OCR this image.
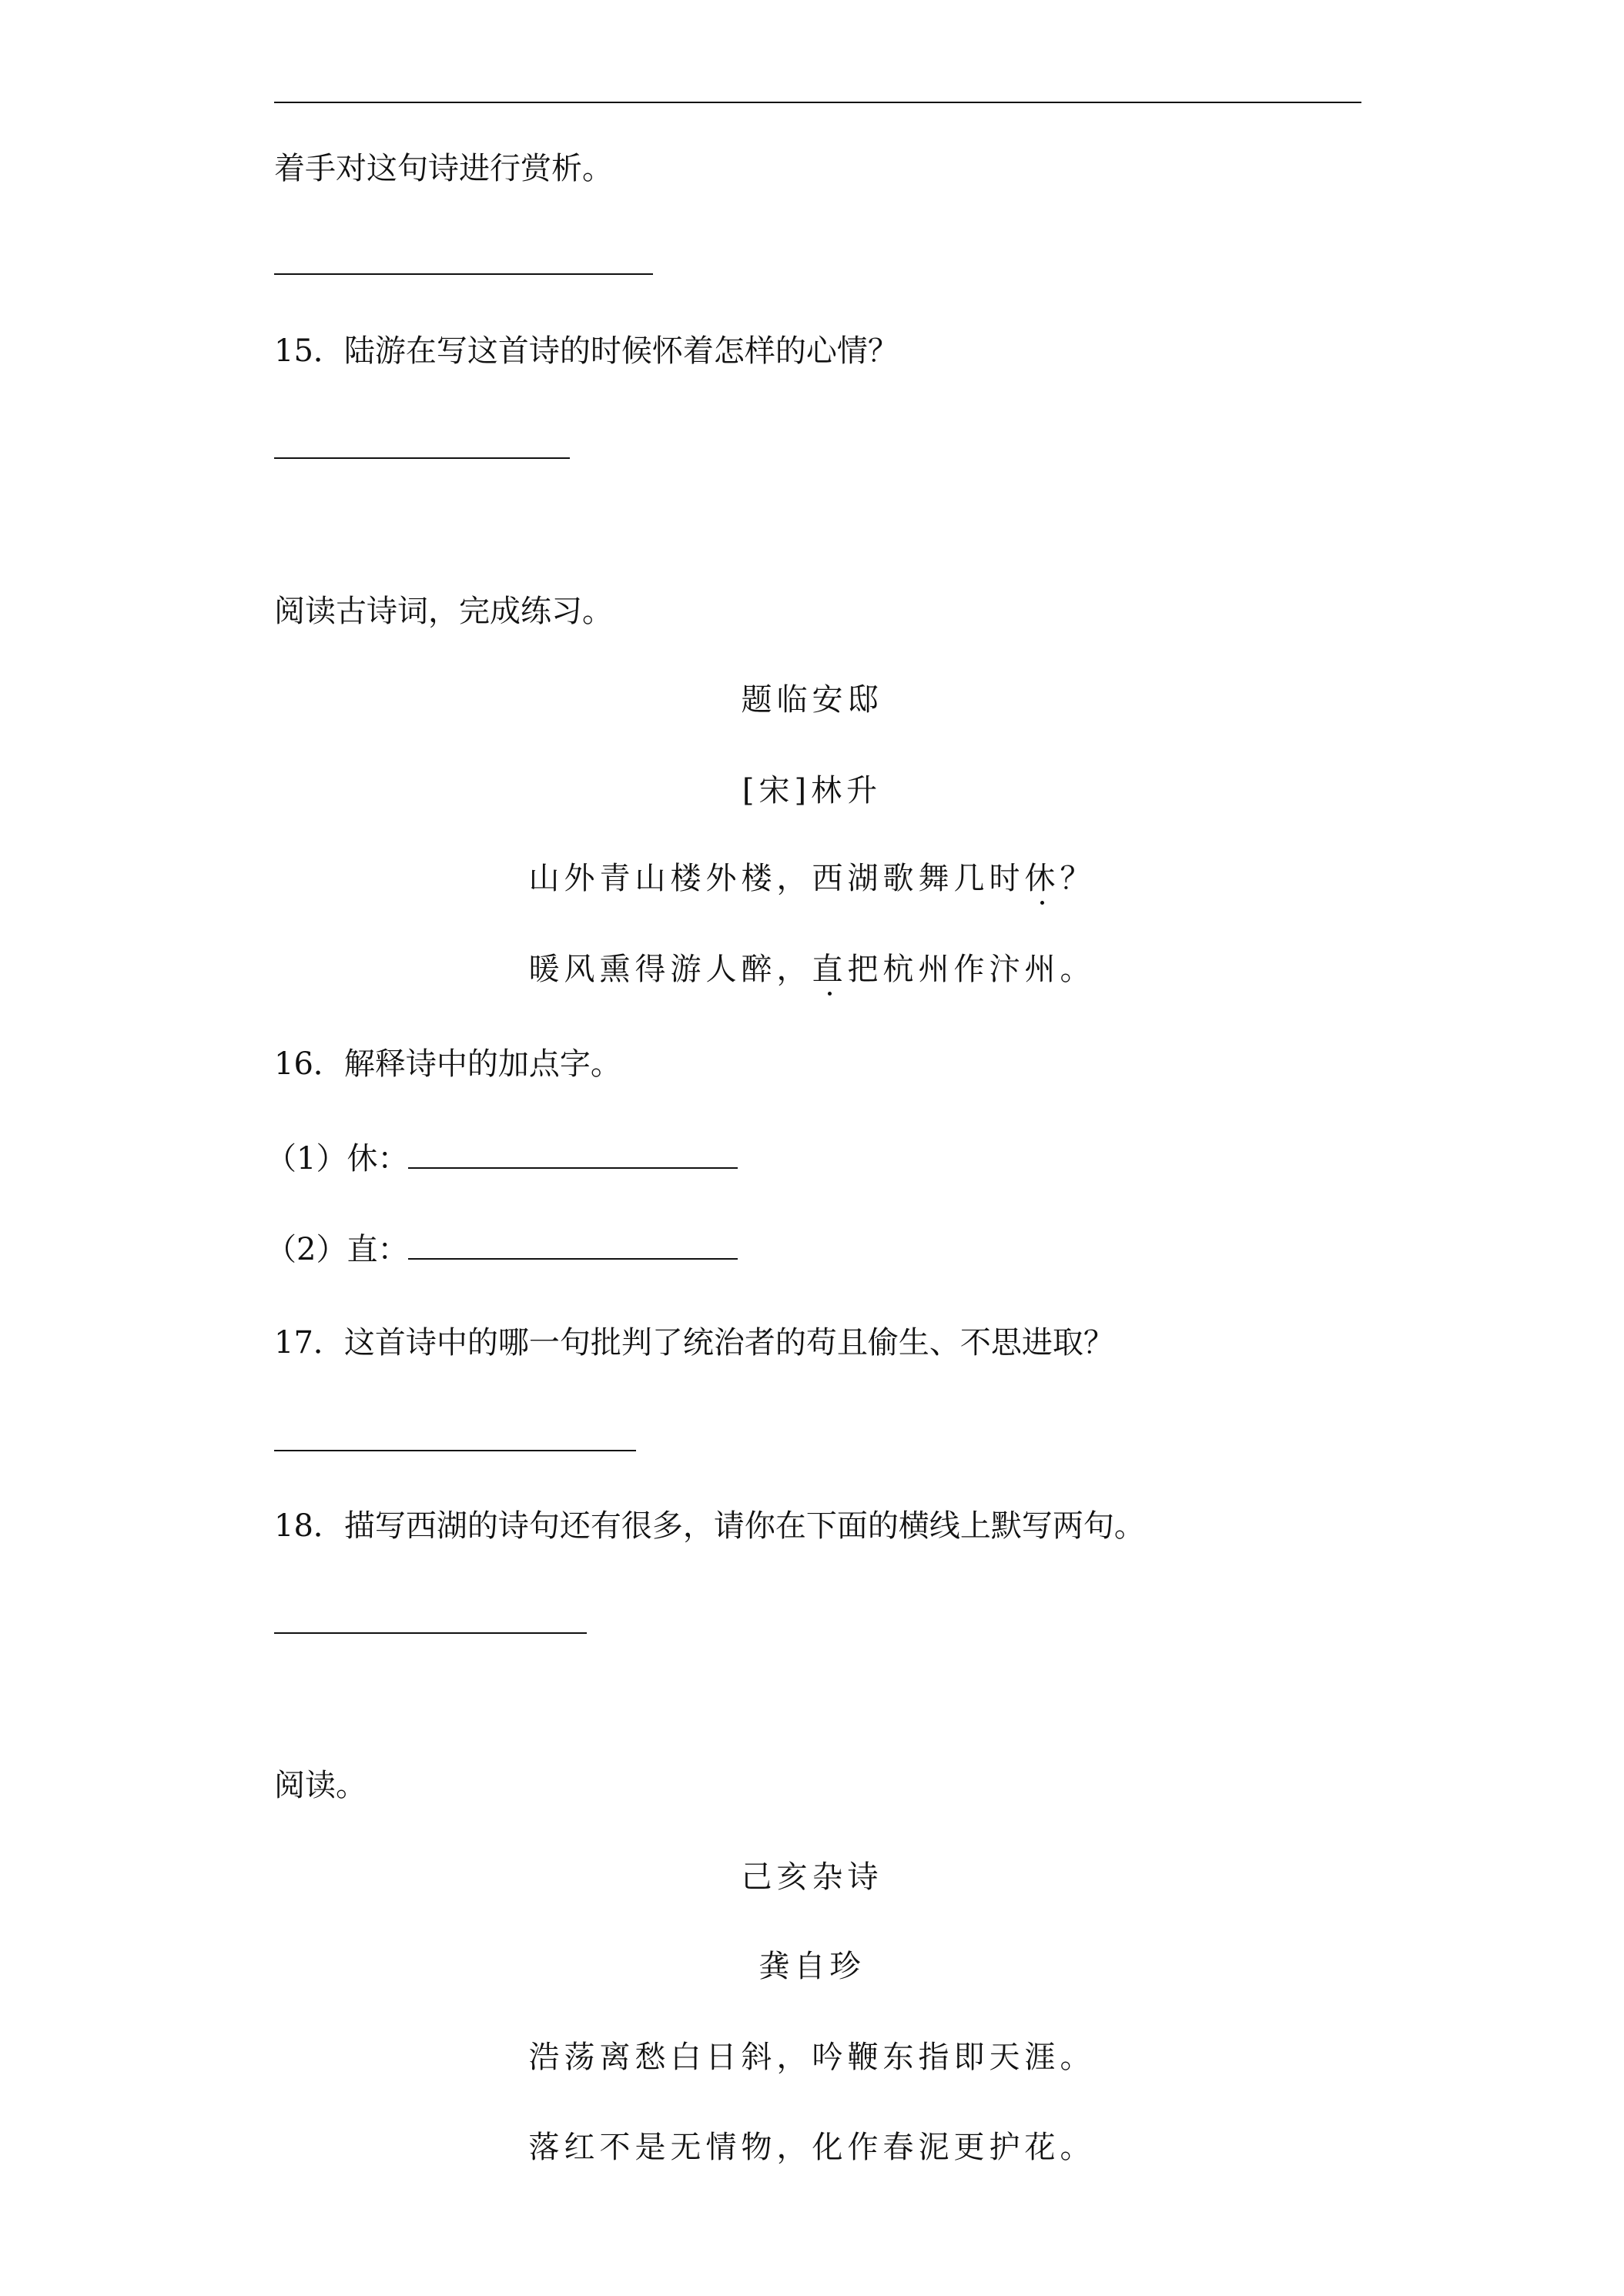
着手对这句诗进行赏析。
15．陆游在写这首诗的时候怀着怎样的心情？
阅读古诗词，完成练习。
题临安邸
[宋]林升
山外青山楼外楼，西湖歌舞几时休？
暖风熏得游人醉，直把杭州作汴州。
16．解释诗中的加点字。
（1）休：
（2）直：
17．这首诗中的哪一句批判了统治者的苟且偷生、不思进取？
18．描写西湖的诗句还有很多，请你在下面的横线上默写两句。
阅读。
己亥杂诗
龚自珍
浩荡离愁白日斜，吟鞭东指即天涯。
落红不是无情物，化作春泥更护花。
